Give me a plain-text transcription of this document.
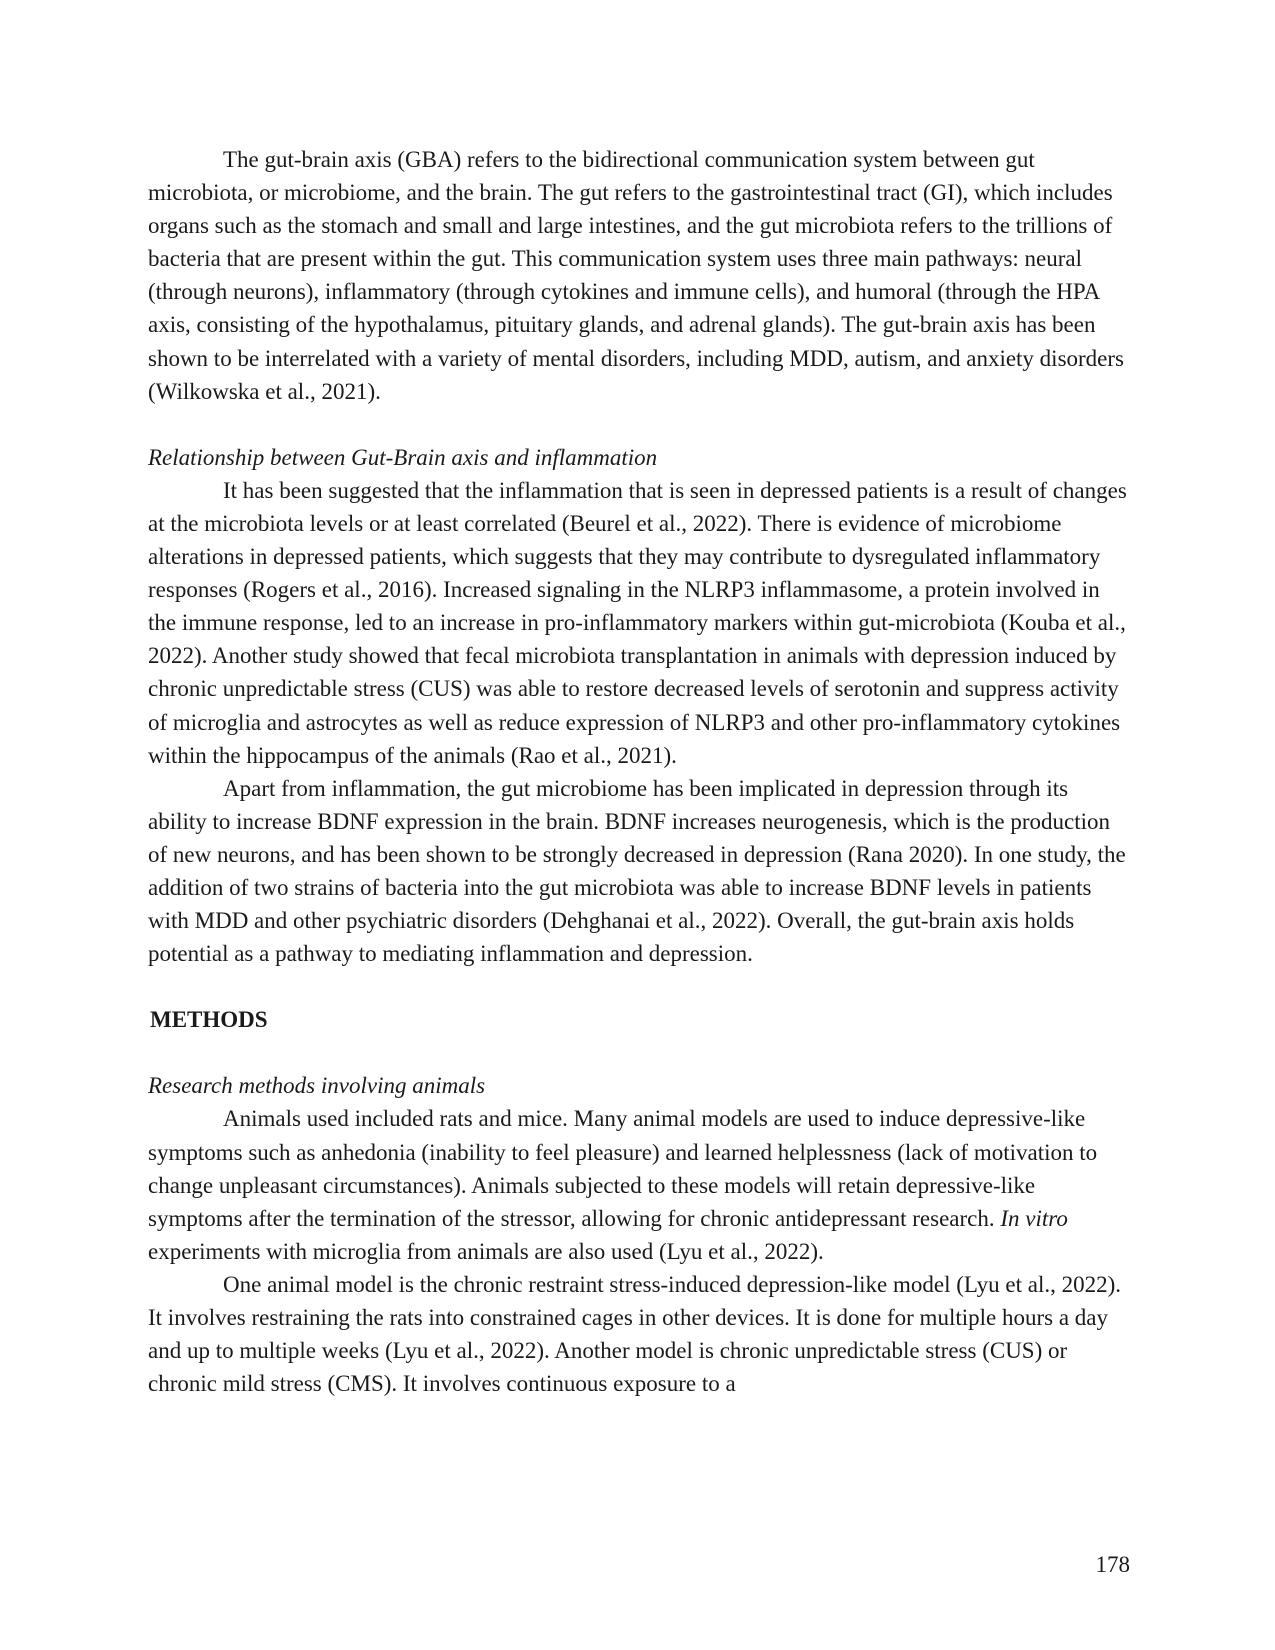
The gut-brain axis (GBA) refers to the bidirectional communication system between gut microbiota, or microbiome, and the brain. The gut refers to the gastrointestinal tract (GI), which includes organs such as the stomach and small and large intestines, and the gut microbiota refers to the trillions of bacteria that are present within the gut. This communication system uses three main pathways: neural (through neurons), inflammatory (through cytokines and immune cells), and humoral (through the HPA axis, consisting of the hypothalamus, pituitary glands, and adrenal glands). The gut-brain axis has been shown to be interrelated with a variety of mental disorders, including MDD, autism, and anxiety disorders (Wilkowska et al., 2021).

Relationship between Gut-Brain axis and inflammation

It has been suggested that the inflammation that is seen in depressed patients is a result of changes at the microbiota levels or at least correlated (Beurel et al., 2022). There is evidence of microbiome alterations in depressed patients, which suggests that they may contribute to dysregulated inflammatory responses (Rogers et al., 2016). Increased signaling in the NLRP3 inflammasome, a protein involved in the immune response, led to an increase in pro-inflammatory markers within gut-microbiota (Kouba et al., 2022). Another study showed that fecal microbiota transplantation in animals with depression induced by chronic unpredictable stress (CUS) was able to restore decreased levels of serotonin and suppress activity of microglia and astrocytes as well as reduce expression of NLRP3 and other pro-inflammatory cytokines within the hippocampus of the animals (Rao et al., 2021).

Apart from inflammation, the gut microbiome has been implicated in depression through its ability to increase BDNF expression in the brain. BDNF increases neurogenesis, which is the production of new neurons, and has been shown to be strongly decreased in depression (Rana 2020). In one study, the addition of two strains of bacteria into the gut microbiota was able to increase BDNF levels in patients with MDD and other psychiatric disorders (Dehghanai et al., 2022). Overall, the gut-brain axis holds potential as a pathway to mediating inflammation and depression.

METHODS

Research methods involving animals

Animals used included rats and mice. Many animal models are used to induce depressive-like symptoms such as anhedonia (inability to feel pleasure) and learned helplessness (lack of motivation to change unpleasant circumstances). Animals subjected to these models will retain depressive-like symptoms after the termination of the stressor, allowing for chronic antidepressant research. In vitro experiments with microglia from animals are also used (Lyu et al., 2022).

One animal model is the chronic restraint stress-induced depression-like model (Lyu et al., 2022). It involves restraining the rats into constrained cages in other devices. It is done for multiple hours a day and up to multiple weeks (Lyu et al., 2022). Another model is chronic unpredictable stress (CUS) or chronic mild stress (CMS). It involves continuous exposure to a

178
